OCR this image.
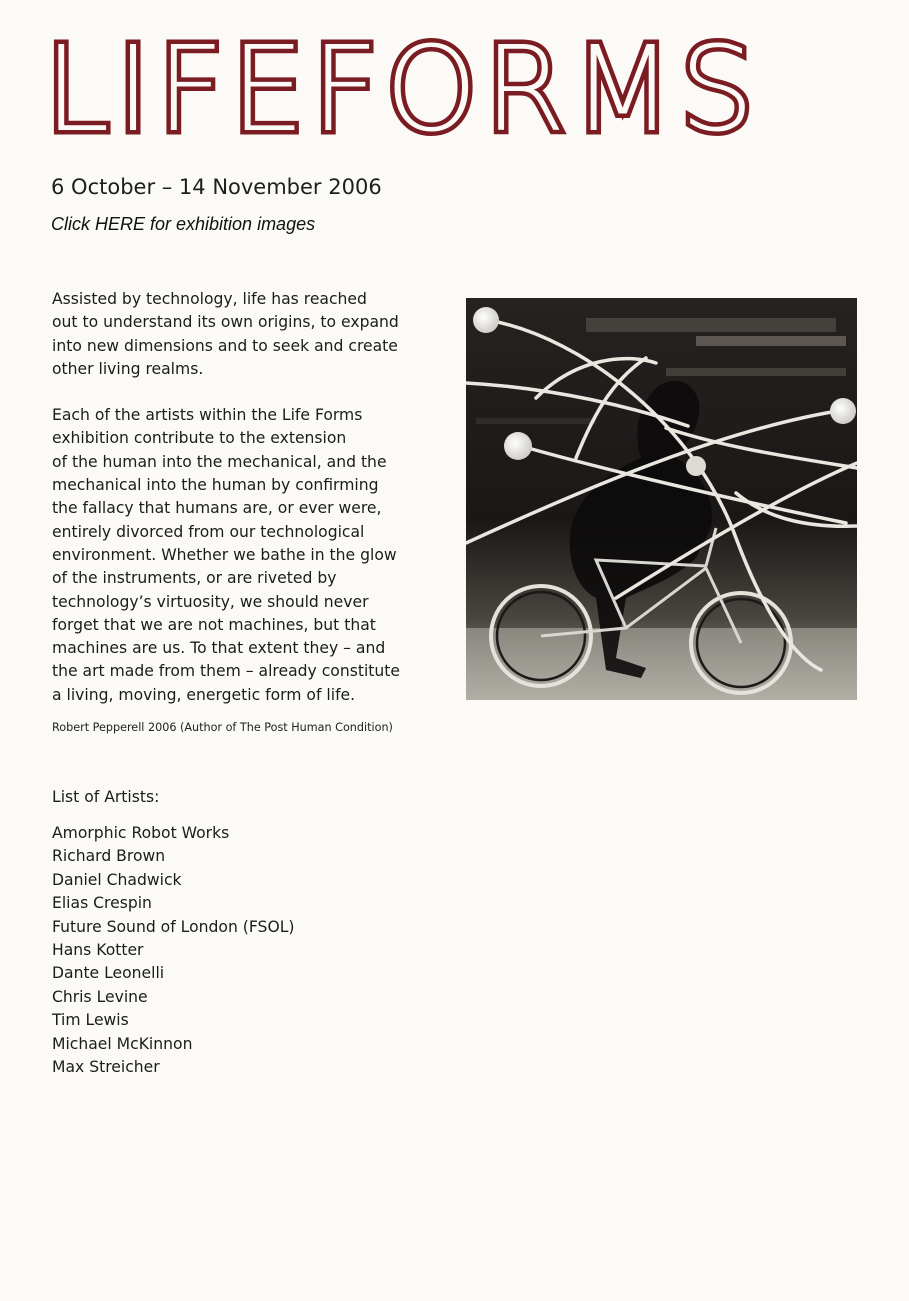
LIFEFORMS
6 October – 14 November 2006
Click HERE for exhibition images
Assisted by technology, life has reached
out to understand its own origins, to expand
into new dimensions and to seek and create
other living realms.
Each of the artists within the Life Forms
exhibition contribute to the extension
of the human into the mechanical, and the
mechanical into the human by confirming
the fallacy that humans are, or ever were,
entirely divorced from our technological
environment. Whether we bathe in the glow
of the instruments, or are riveted by
technology’s virtuosity, we should never
forget that we are not machines, but that
machines are us. To that extent they – and
the art made from them – already constitute
a living, moving, energetic form of life.
Robert Pepperell 2006 (Author of The Post Human Condition)
List of Artists:
Amorphic Robot Works
Richard Brown
Daniel Chadwick
Elias Crespin
Future Sound of London (FSOL)
Hans Kotter
Dante Leonelli
Chris Levine
Tim Lewis
Michael McKinnon
Max Streicher
